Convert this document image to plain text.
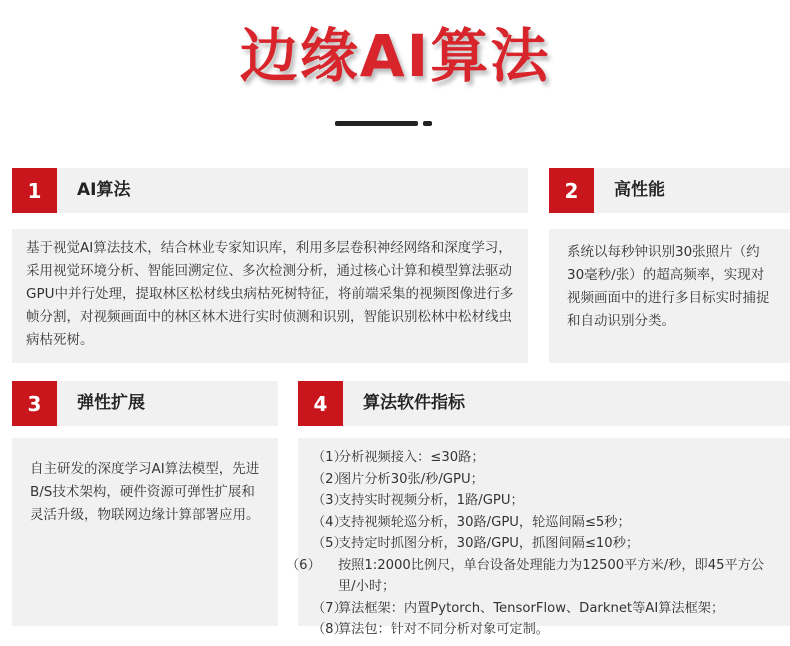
边缘AI算法
1	AI算法
基于视觉AI算法技术，结合林业专家知识库，利用多层卷积神经网络和深度学习，采用视觉环境分析、智能回溯定位、多次检测分析，通过核心计算和模型算法驱动GPU中并行处理，提取林区松材线虫病枯死树特征，将前端采集的视频图像进行多帧分割，对视频画面中的林区林木进行实时侦测和识别，智能识别松林中松材线虫病枯死树。
2	高性能
系统以每秒钟识别30张照片（约30毫秒/张）的超高频率，实现对视频画面中的进行多目标实时捕捉和自动识别分类。
3	弹性扩展
自主研发的深度学习AI算法模型，先进B/S技术架构，硬件资源可弹性扩展和灵活升级，物联网边缘计算部署应用。
4	算法软件指标
（1）分析视频接入：≤30路；
（2）图片分析30张/秒/GPU；
（3）支持实时视频分析，1路/GPU；
（4）支持视频轮巡分析，30路/GPU，轮巡间隔≤5秒；
（5）支持定时抓图分析，30路/GPU，抓图间隔≤10秒；
（6） 按照1:2000比例尺，单台设备处理能力为12500平方米/秒，即45平方公里/小时；
（7）算法框架：内置Pytorch、TensorFlow、Darknet等AI算法框架；
（8）算法包：针对不同分析对象可定制。
